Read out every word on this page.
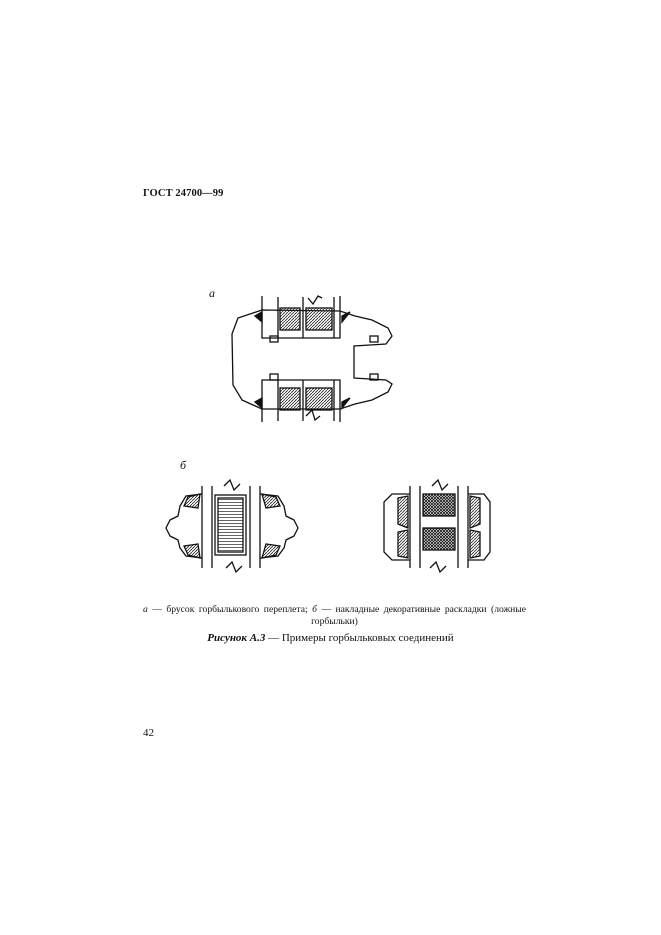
ГОСТ 24700—99
а
б
а — брусок горбылькового переплета; б — накладные декоративные раскладки (ложные горбыльки)
Рисунок А.3 — Примеры горбыльковых соединений
42
